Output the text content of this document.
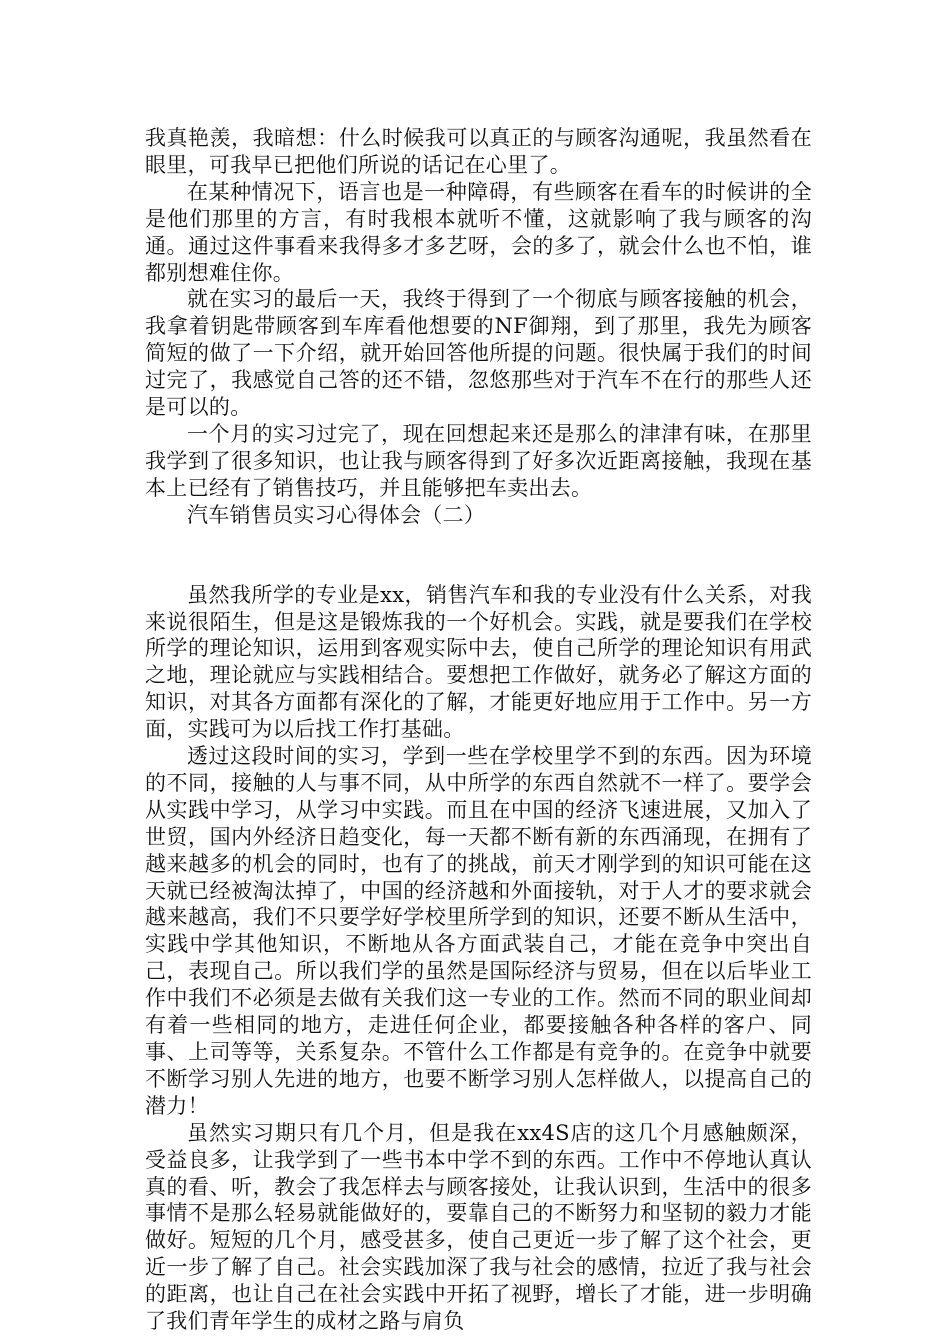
我真艳羡，我暗想：什么时候我可以真正的与顾客沟通呢，我虽然看在眼里，可我早已把他们所说的话记在心里了。

在某种情况下，语言也是一种障碍，有些顾客在看车的时候讲的全是他们那里的方言，有时我根本就听不懂，这就影响了我与顾客的沟通。通过这件事看来我得多才多艺呀，会的多了，就会什么也不怕，谁都别想难住你。

就在实习的最后一天，我终于得到了一个彻底与顾客接触的机会，我拿着钥匙带顾客到车库看他想要的NF御翔，到了那里，我先为顾客简短的做了一下介绍，就开始回答他所提的问题。很快属于我们的时间过完了，我感觉自己答的还不错，忽悠那些对于汽车不在行的那些人还是可以的。

一个月的实习过完了，现在回想起来还是那么的津津有味，在那里我学到了很多知识，也让我与顾客得到了好多次近距离接触，我现在基本上已经有了销售技巧，并且能够把车卖出去。

汽车销售员实习心得体会（二）

虽然我所学的专业是xx，销售汽车和我的专业没有什么关系，对我来说很陌生，但是这是锻炼我的一个好机会。实践，就是要我们在学校所学的理论知识，运用到客观实际中去，使自己所学的理论知识有用武之地，理论就应与实践相结合。要想把工作做好，就务必了解这方面的知识，对其各方面都有深化的了解，才能更好地应用于工作中。另一方面，实践可为以后找工作打基础。

透过这段时间的实习，学到一些在学校里学不到的东西。因为环境的不同，接触的人与事不同，从中所学的东西自然就不一样了。要学会从实践中学习，从学习中实践。而且在中国的经济飞速进展，又加入了世贸，国内外经济日趋变化，每一天都不断有新的东西涌现，在拥有了越来越多的机会的同时，也有了的挑战，前天才刚学到的知识可能在这天就已经被淘汰掉了，中国的经济越和外面接轨，对于人才的要求就会越来越高，我们不只要学好学校里所学到的知识，还要不断从生活中，实践中学其他知识，不断地从各方面武装自己，才能在竞争中突出自己，表现自己。所以我们学的虽然是国际经济与贸易，但在以后毕业工作中我们不必须是去做有关我们这一专业的工作。然而不同的职业间却有着一些相同的地方，走进任何企业，都要接触各种各样的客户、同事、上司等等，关系复杂。不管什么工作都是有竞争的。在竞争中就要不断学习别人先进的地方，也要不断学习别人怎样做人，以提高自己的潜力！

虽然实习期只有几个月，但是我在xx4S店的这几个月感触颇深，受益良多，让我学到了一些书本中学不到的东西。工作中不停地认真认真的看、听，教会了我怎样去与顾客接处，让我认识到，生活中的很多事情不是那么轻易就能做好的，要靠自己的不断努力和坚韧的毅力才能做好。短短的几个月，感受甚多，使自己更近一步了解了这个社会，更近一步了解了自己。社会实践加深了我与社会的感情，拉近了我与社会的距离，也让自己在社会实践中开拓了视野，增长了才能，进一步明确了我们青年学生的成材之路与肩负
